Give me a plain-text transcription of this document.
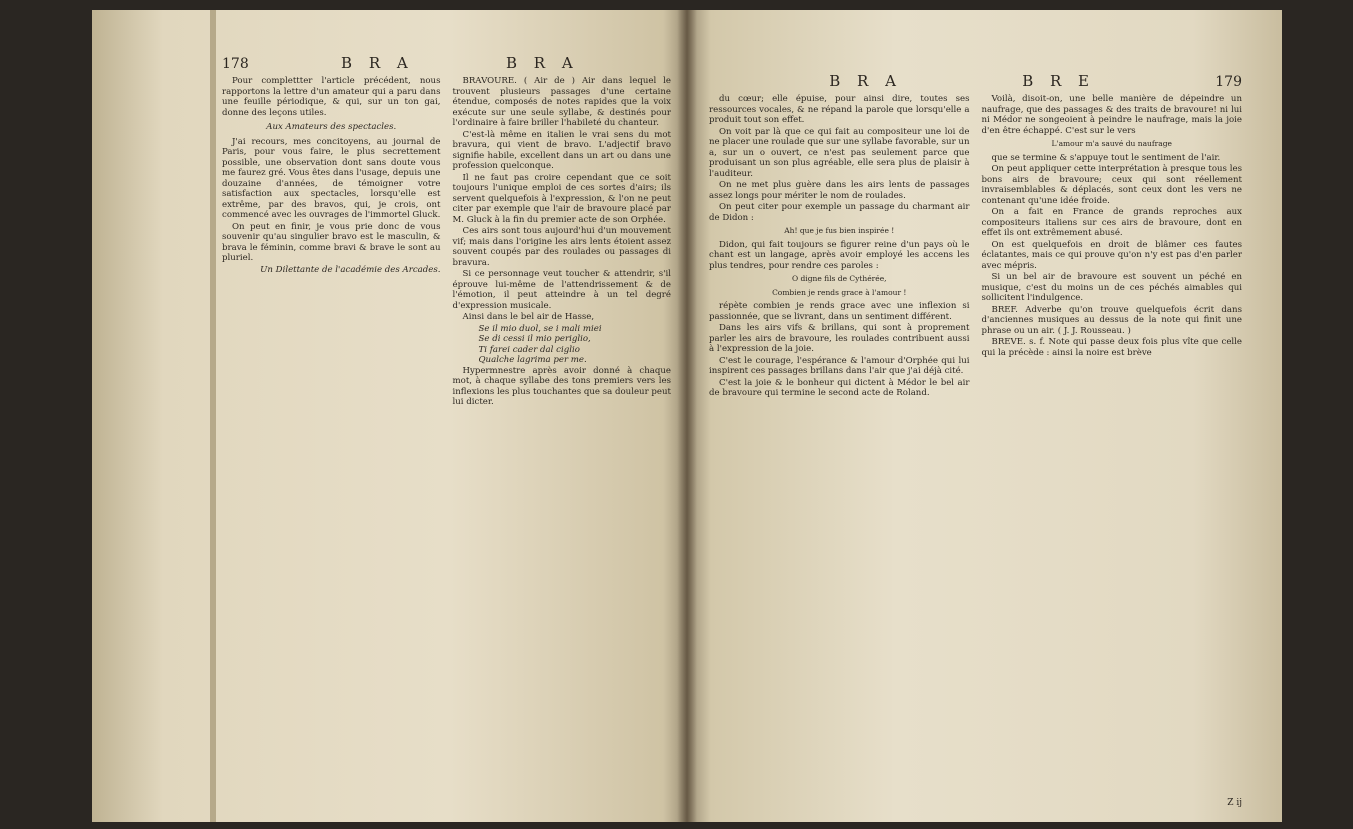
178	B R A	B R A

Pour complettter l'article précédent, nous rapportons la lettre d'un amateur qui a paru dans une feuille périodique, & qui, sur un ton gai, donne des leçons utiles.

Aux Amateurs des spectacles.

J'ai recours, mes concitoyens, au journal de Paris, pour vous faire, le plus secrettement possible, une observation dont sans doute vous me faurez gré. Vous êtes dans l'usage, depuis une douzaine d'années, de témoigner votre satisfaction aux spectacles, lorsqu'elle est extrême, par des bravos, qui, je crois, ont commencé avec les ouvrages de l'immortel Gluck.

On peut en finir, je vous prie donc de vous souvenir qu'au singulier bravo est le masculin, & brava le féminin, comme bravi & brave le sont au pluriel.

Un Dilettante de l'académie des Arcades.

BRAVOURE. ( Air de ) Air dans lequel le trouvent plusieurs passages d'une certaine étendue, composés de notes rapides que la voix exécute sur une seule syllabe, & destinés pour l'ordinaire à faire briller l'habileté du chanteur.

C'est-là même en italien le vrai sens du mot bravura, qui vient de bravo. L'adjectif bravo signifie habile, excellent dans un art ou dans une profession quelconque.

Il ne faut pas croire cependant que ce soit toujours l'unique emploi de ces sortes d'airs; ils servent quelquefois à l'expression, & l'on ne peut citer par exemple que l'air de bravoure placé par M. Gluck à la fin du premier acte de son Orphée.

Ces airs sont tous aujourd'hui d'un mouvement vif; mais dans l'origine les airs lents étoient assez souvent coupés par des roulades ou passages di bravura.

Si ce personnage veut toucher & attendrir, s'il éprouve lui-même de l'attendrissement & de l'émotion, il peut atteindre à un tel degré d'expression musicale.

Ainsi dans le bel air de Hasse,

Se il mio duol, se i mali miei

Se di cessi il mio periglio,

Ti farei cader dal ciglio

Qualche lagrima per me.

Hypermnestre après avoir donné à chaque mot, à chaque syllabe des tons premiers vers les inflexions les plus touchantes que sa douleur peut lui dicter.

B R A	B R E	179

du cœur; elle épuise, pour ainsi dire, toutes ses ressources vocales, & ne répand la parole que lorsqu'elle a produit tout son effet.

On voit par là que ce qui fait au compositeur une loi de ne placer une roulade que sur une syllabe favorable, sur un a, sur un o ouvert, ce n'est pas seulement parce que produisant un son plus agréable, elle sera plus de plaisir à l'auditeur.

On ne met plus guère dans les airs lents de passages assez longs pour mériter le nom de roulades.

On peut citer pour exemple un passage du charmant air de Didon :

Ah! que je fus bien inspirée !

Didon, qui fait toujours se figurer reine d'un pays où le chant est un langage, après avoir employé les accens les plus tendres, pour rendre ces paroles :

O digne fils de Cythérée,

Combien je rends grace à l'amour !

répète combien je rends grace avec une inflexion si passionnée, que se livrant, dans un sentiment différent.

Dans les airs vifs & brillans, qui sont à proprement parler les airs de bravoure, les roulades contribuent aussi à l'expression de la joie.

C'est le courage, l'espérance & l'amour d'Orphée qui lui inspirent ces passages brillans dans l'air que j'ai déjà cité.

C'est la joie & le bonheur qui dictent à Médor le bel air de bravoure qui termine le second acte de Roland.

Voilà, disoit-on, une belle manière de dépeindre un naufrage, que des passages & des traits de bravoure! ni lui ni Médor ne songeoient à peindre le naufrage, mais la joie d'en être échappé. C'est sur le vers

L'amour m'a sauvé du naufrage

que se termine & s'appuye tout le sentiment de l'air.

On peut appliquer cette interprétation à presque tous les bons airs de bravoure; ceux qui sont réellement invraisemblables & déplacés, sont ceux dont les vers ne contenant qu'une idée froide.

On a fait en France de grands reproches aux compositeurs italiens sur ces airs de bravoure, dont en effet ils ont extrêmement abusé.

On est quelquefois en droit de blâmer ces fautes éclatantes, mais ce qui prouve qu'on n'y est pas d'en parler avec mépris.

Si un bel air de bravoure est souvent un péché en musique, c'est du moins un de ces péchés aimables qui sollicitent l'indulgence.

BREF. Adverbe qu'on trouve quelquefois écrit dans d'anciennes musiques au dessus de la note qui finit une phrase ou un air. ( J. J. Rousseau. )

BREVE. s. f. Note qui passe deux fois plus vîte que celle qui la précède : ainsi la noire est brève

Z ij
